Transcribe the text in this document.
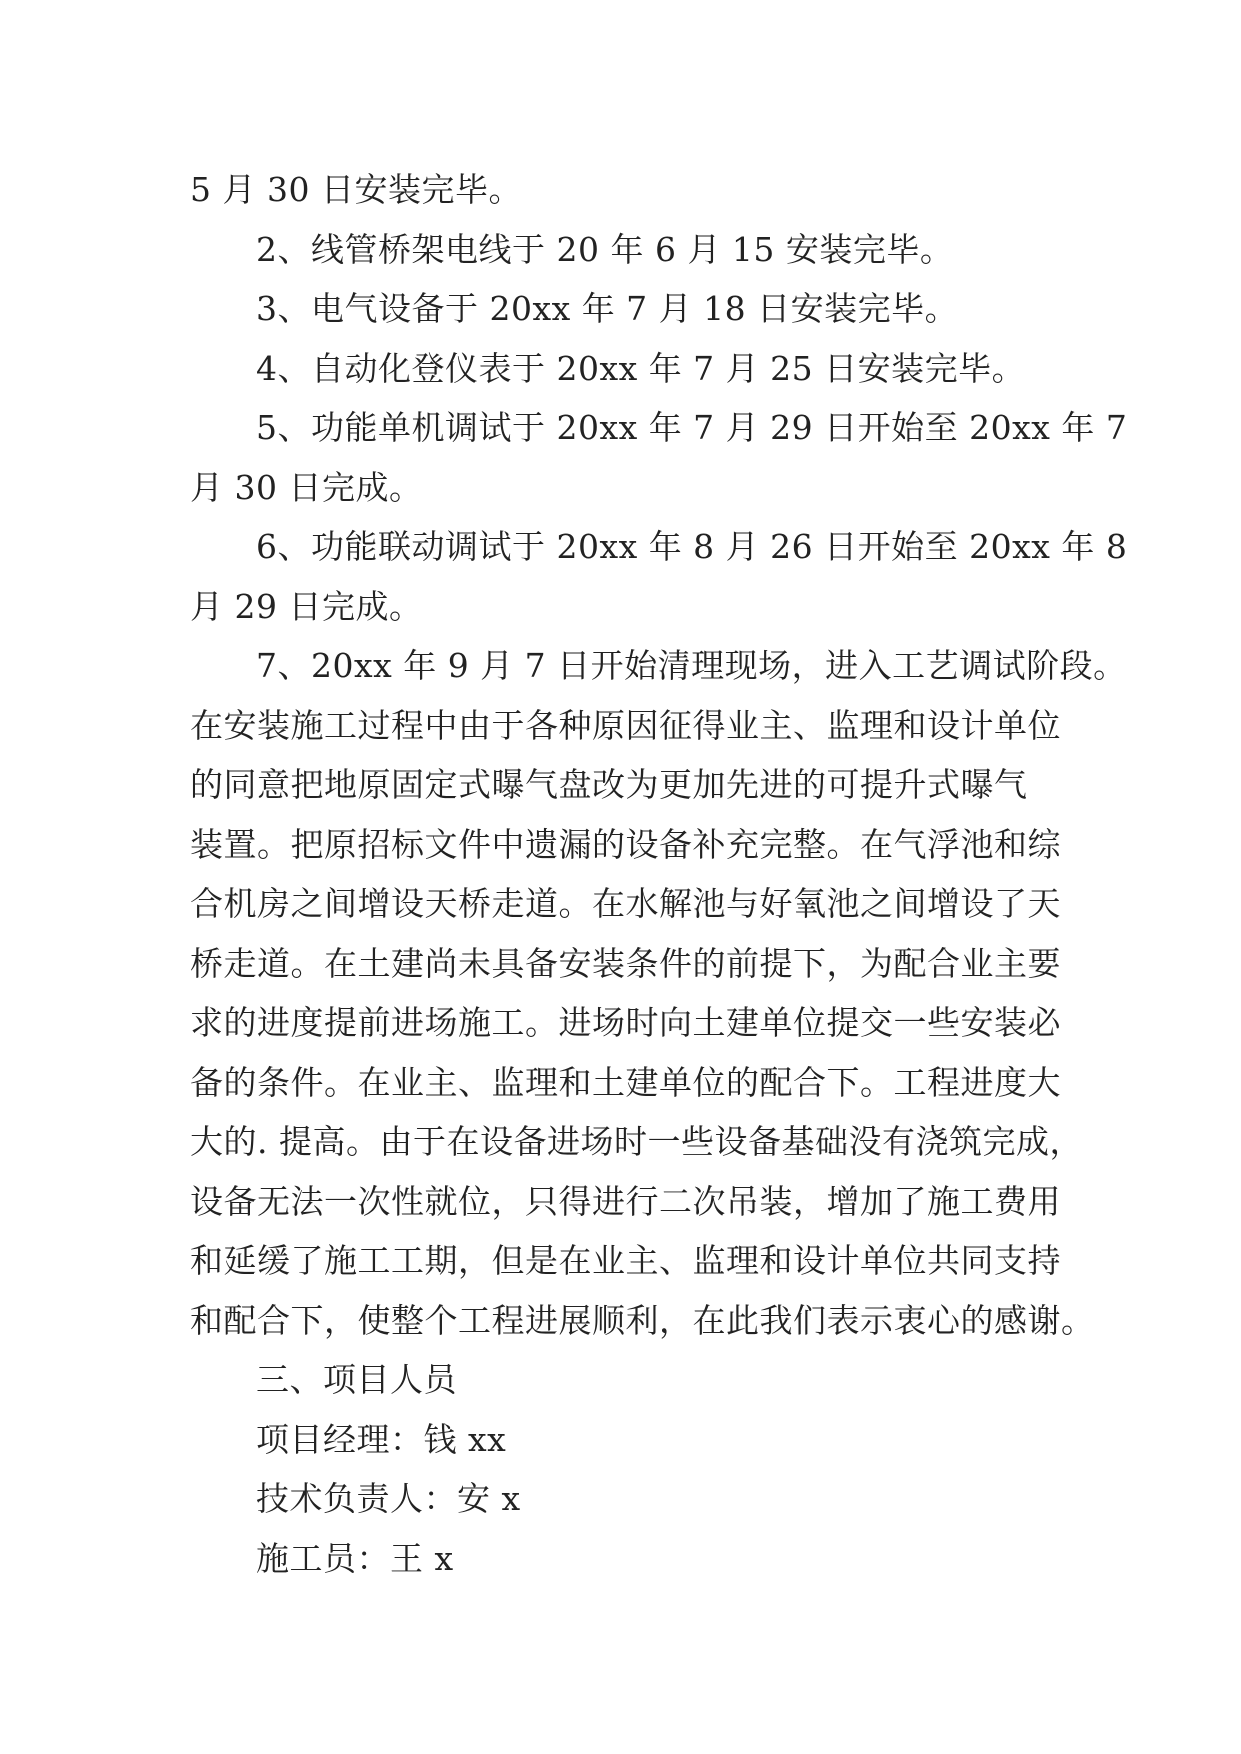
5 月 30 日安装完毕。

2、线管桥架电线于 20 年 6 月 15 安装完毕。

3、电气设备于 20xx 年 7 月 18 日安装完毕。

4、自动化登仪表于 20xx 年 7 月 25 日安装完毕。

5、功能单机调试于 20xx 年 7 月 29 日开始至 20xx 年 7

月 30 日完成。

6、功能联动调试于 20xx 年 8 月 26 日开始至 20xx 年 8

月 29 日完成。

7、20xx 年 9 月 7 日开始清理现场，进入工艺调试阶段。

在安装施工过程中由于各种原因征得业主、监理和设计单位

的同意把地原固定式曝气盘改为更加先进的可提升式曝气

装置。把原招标文件中遗漏的设备补充完整。在气浮池和综

合机房之间增设天桥走道。在水解池与好氧池之间增设了天

桥走道。在土建尚未具备安装条件的前提下，为配合业主要

求的进度提前进场施工。进场时向土建单位提交一些安装必

备的条件。在业主、监理和土建单位的配合下。工程进度大

大的. 提高。由于在设备进场时一些设备基础没有浇筑完成，

设备无法一次性就位，只得进行二次吊装，增加了施工费用

和延缓了施工工期，但是在业主、监理和设计单位共同支持

和配合下，使整个工程进展顺利，在此我们表示衷心的感谢。

三、项目人员

项目经理：钱 xx

技术负责人：安 x

施工员：王 x
